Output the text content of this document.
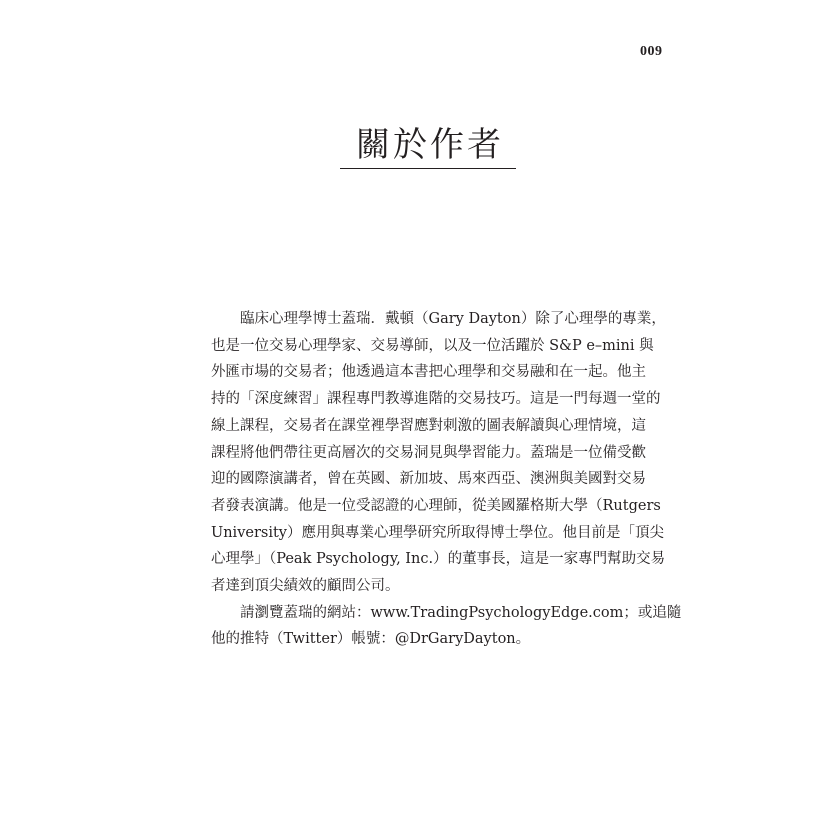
009
關於作者

臨床心理學博士蓋瑞．戴頓（Gary Dayton）除了心理學的專業，
也是一位交易心理學家、交易導師，以及一位活躍於 S&P e–mini 與
外匯市場的交易者；他透過這本書把心理學和交易融和在一起。他主
持的「深度練習」課程專門教導進階的交易技巧。這是一門每週一堂的
線上課程，交易者在課堂裡學習應對刺激的圖表解讀與心理情境，這
課程將他們帶往更高層次的交易洞見與學習能力。蓋瑞是一位備受歡
迎的國際演講者，曾在英國、新加坡、馬來西亞、澳洲與美國對交易
者發表演講。他是一位受認證的心理師，從美國羅格斯大學（Rutgers
University）應用與專業心理學研究所取得博士學位。他目前是「頂尖
心理學」（Peak Psychology, Inc.）的董事長，這是一家專門幫助交易
者達到頂尖績效的顧問公司。

請瀏覽蓋瑞的網站：www.TradingPsychologyEdge.com；或追隨
他的推特（Twitter）帳號：@DrGaryDayton。
